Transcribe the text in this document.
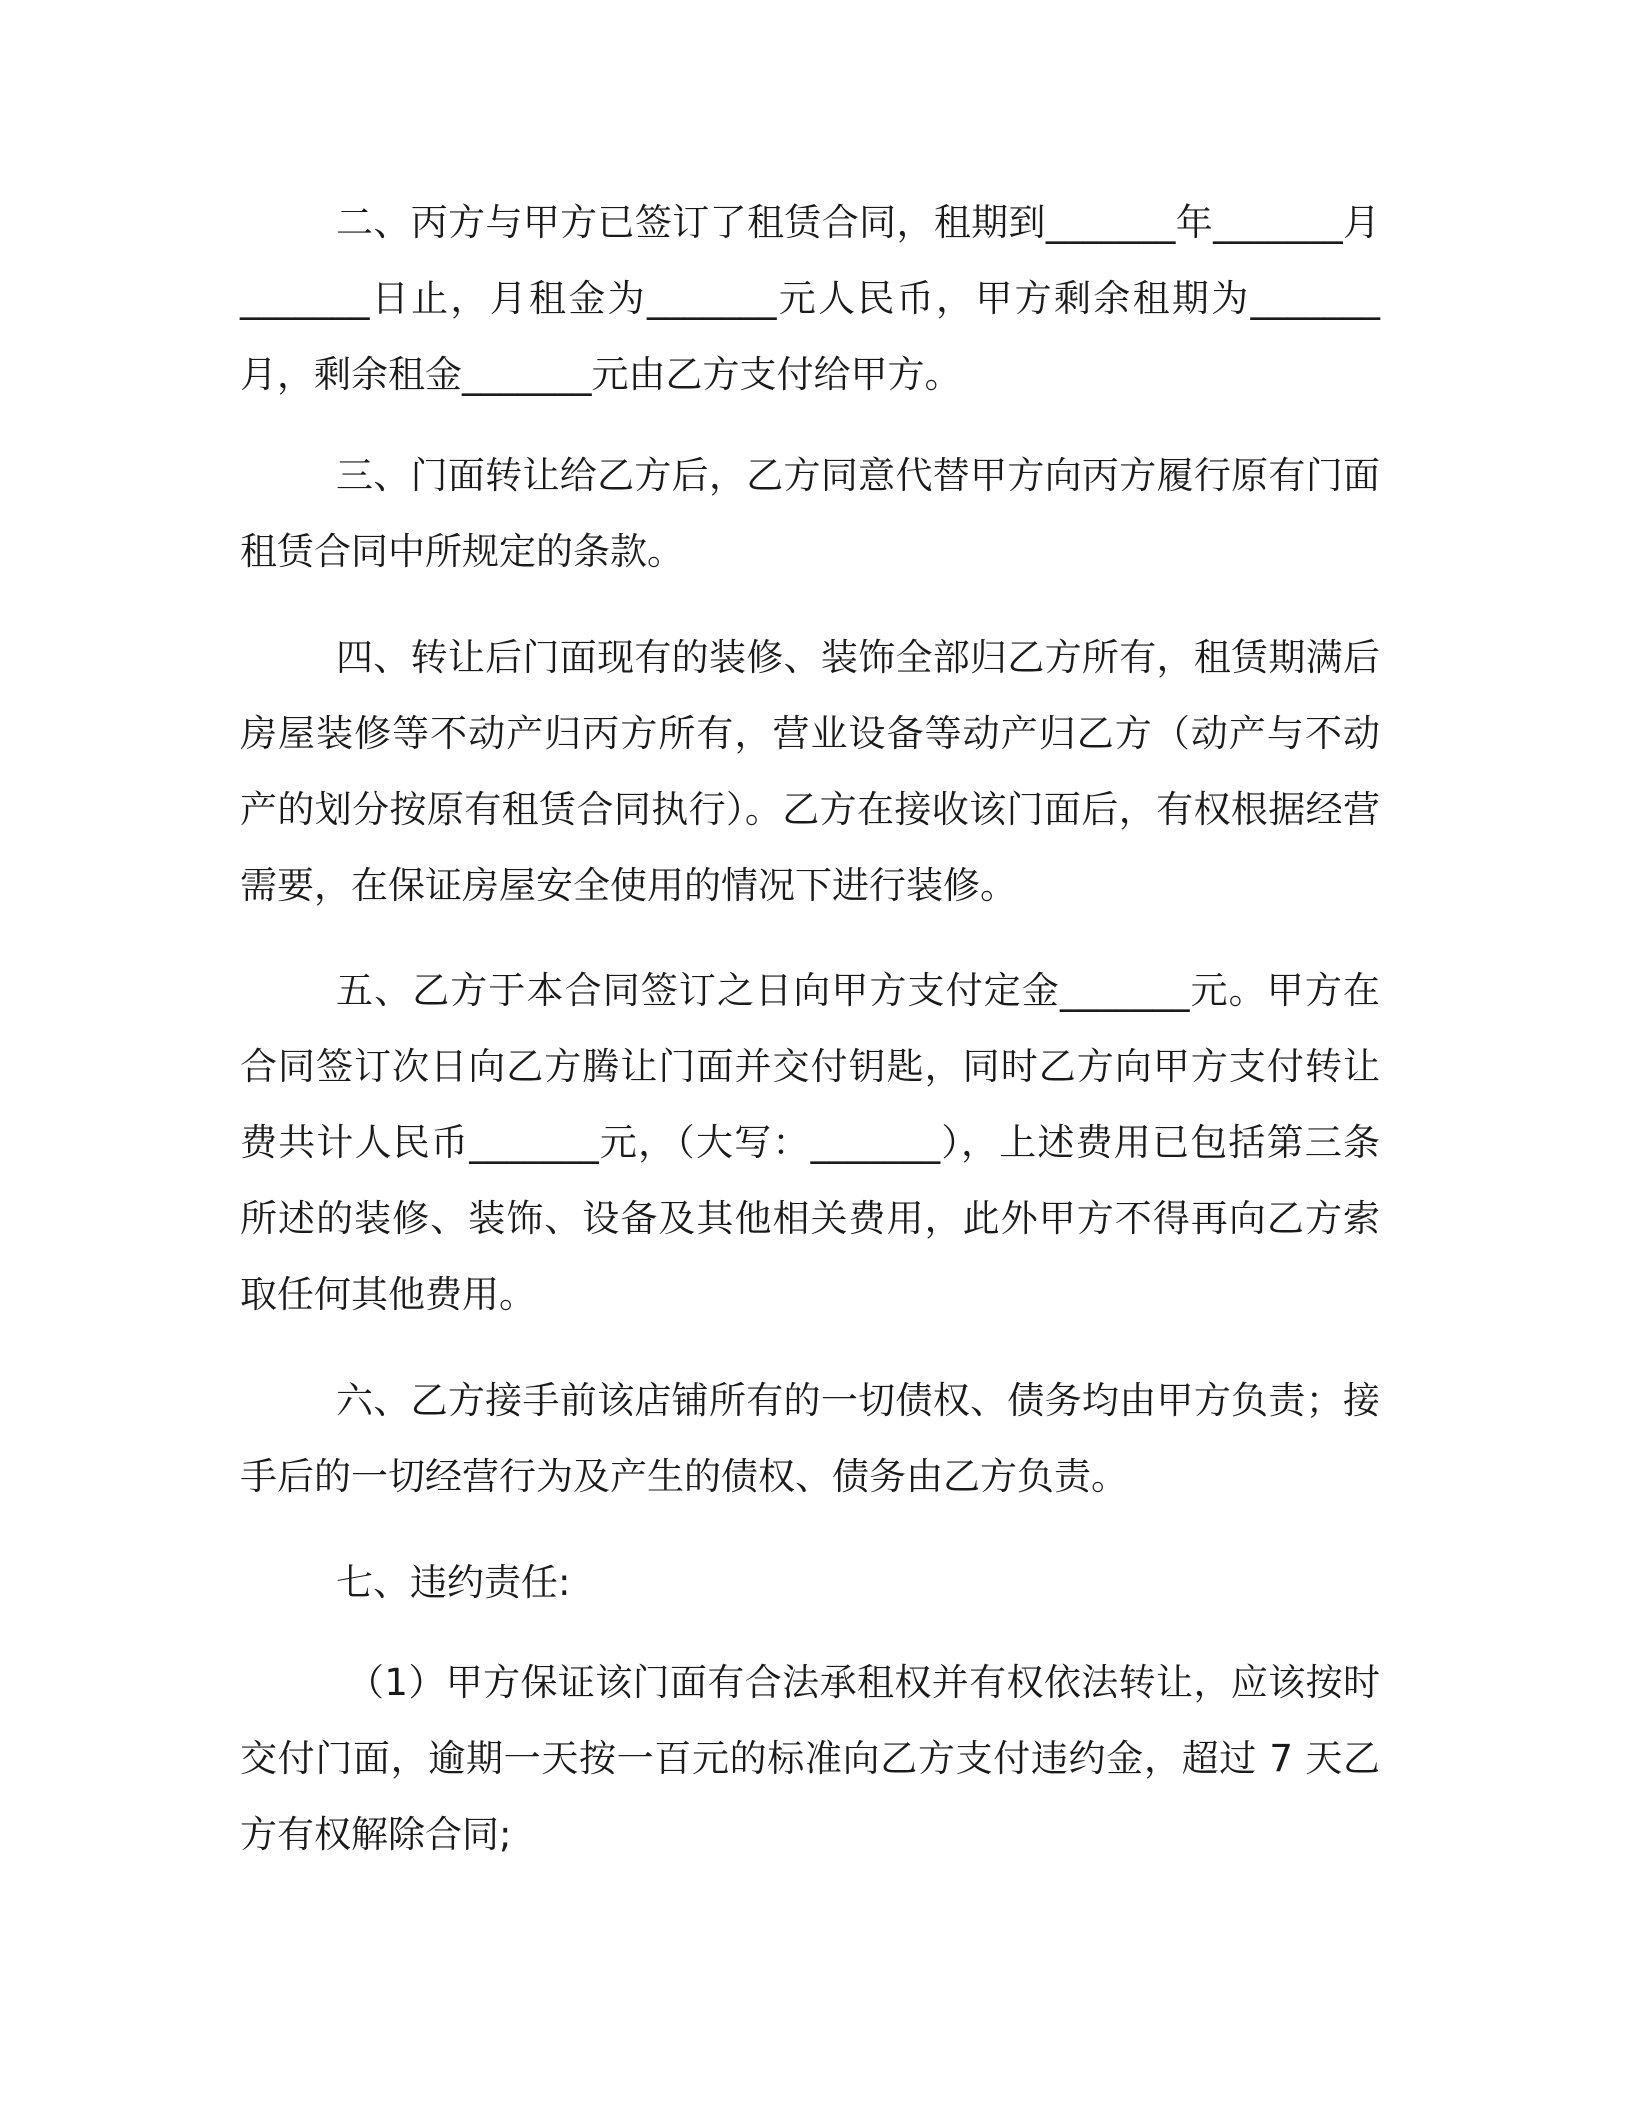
二、丙方与甲方已签订了租赁合同，租期到_______年_______月_______日止，月租金为_______元人民币，甲方剩余租期为_______月，剩余租金_______元由乙方支付给甲方。

三、门面转让给乙方后，乙方同意代替甲方向丙方履行原有门面租赁合同中所规定的条款。

四、转让后门面现有的装修、装饰全部归乙方所有，租赁期满后房屋装修等不动产归丙方所有，营业设备等动产归乙方（动产与不动产的划分按原有租赁合同执行）。乙方在接收该门面后，有权根据经营需要，在保证房屋安全使用的情况下进行装修。

五、乙方于本合同签订之日向甲方支付定金_______元。甲方在合同签订次日向乙方腾让门面并交付钥匙，同时乙方向甲方支付转让费共计人民币_______元，（大写：_______），上述费用已包括第三条所述的装修、装饰、设备及其他相关费用，此外甲方不得再向乙方索取任何其他费用。

六、乙方接手前该店铺所有的一切债权、债务均由甲方负责；接手后的一切经营行为及产生的债权、债务由乙方负责。

七、违约责任:

（1）甲方保证该门面有合法承租权并有权依法转让，应该按时交付门面，逾期一天按一百元的标准向乙方支付违约金，超过 7 天乙方有权解除合同;
